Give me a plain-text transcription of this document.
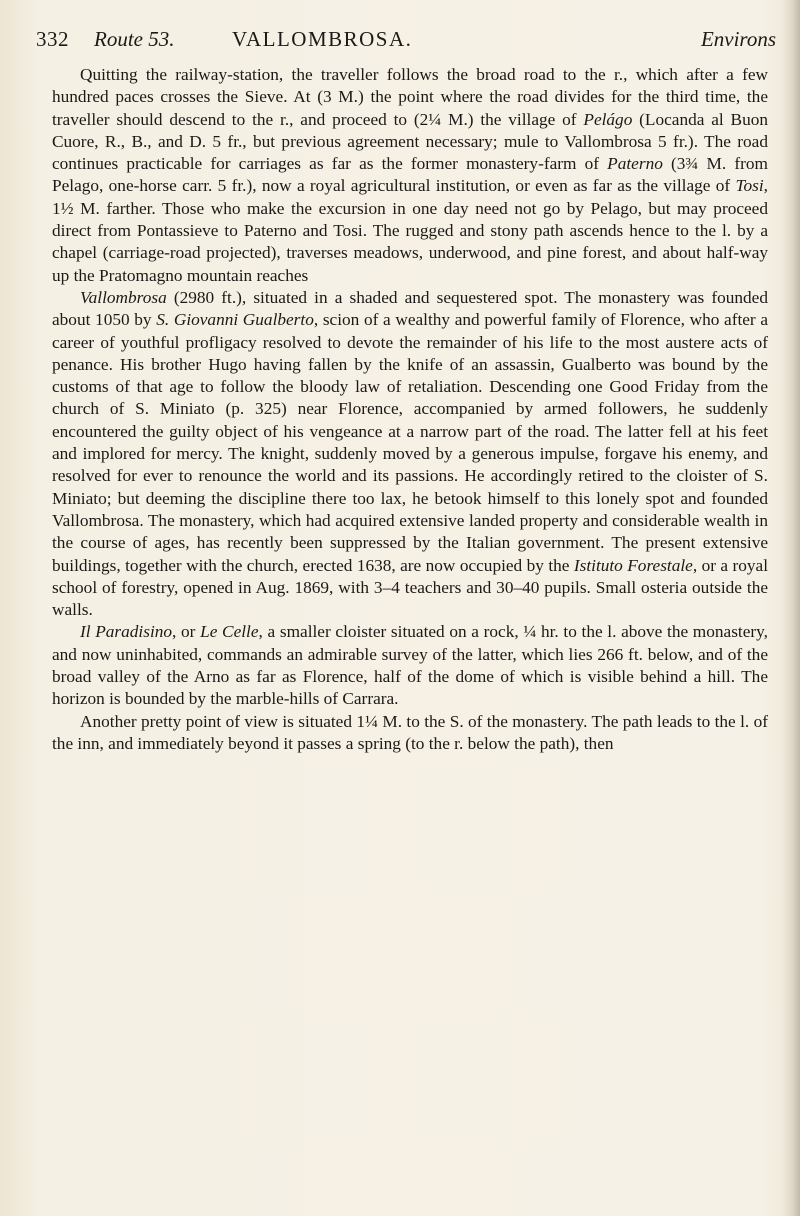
332 Route 53.	VALLOMBROSA.	Environs

Quitting the railway-station, the traveller follows the broad road to the r., which after a few hundred paces crosses the Sieve. At (3 M.) the point where the road divides for the third time, the traveller should descend to the r., and proceed to (2¼ M.) the village of Pelágo (Locanda al Buon Cuore, R., B., and D. 5 fr., but previous agreement necessary; mule to Vallombrosa 5 fr.). The road continues practicable for carriages as far as the former monastery-farm of Paterno (3¾ M. from Pelago, one-horse carr. 5 fr.), now a royal agricultural institution, or even as far as the village of Tosi, 1½ M. farther. Those who make the excursion in one day need not go by Pelago, but may proceed direct from Pontassieve to Paterno and Tosi. The rugged and stony path ascends hence to the l. by a chapel (carriage-road projected), traverses meadows, underwood, and pine forest, and about half-way up the Pratomagno mountain reaches

Vallombrosa (2980 ft.), situated in a shaded and sequestered spot. The monastery was founded about 1050 by S. Giovanni Gualberto, scion of a wealthy and powerful family of Florence, who after a career of youthful profligacy resolved to devote the remainder of his life to the most austere acts of penance. His brother Hugo having fallen by the knife of an assassin, Gualberto was bound by the customs of that age to follow the bloody law of retaliation. Descending one Good Friday from the church of S. Miniato (p. 325) near Florence, accompanied by armed followers, he suddenly encountered the guilty object of his vengeance at a narrow part of the road. The latter fell at his feet and implored for mercy. The knight, suddenly moved by a generous impulse, forgave his enemy, and resolved for ever to renounce the world and its passions. He accordingly retired to the cloister of S. Miniato; but deeming the discipline there too lax, he betook himself to this lonely spot and founded Vallombrosa. The monastery, which had acquired extensive landed property and considerable wealth in the course of ages, has recently been suppressed by the Italian government. The present extensive buildings, together with the church, erected 1638, are now occupied by the Istituto Forestale, or a royal school of forestry, opened in Aug. 1869, with 3–4 teachers and 30–40 pupils. Small osteria outside the walls.

Il Paradisino, or Le Celle, a smaller cloister situated on a rock, ¼ hr. to the l. above the monastery, and now uninhabited, commands an admirable survey of the latter, which lies 266 ft. below, and of the broad valley of the Arno as far as Florence, half of the dome of which is visible behind a hill. The horizon is bounded by the marble-hills of Carrara.

Another pretty point of view is situated 1¼ M. to the S. of the monastery. The path leads to the l. of the inn, and immediately beyond it passes a spring (to the r. below the path), then
